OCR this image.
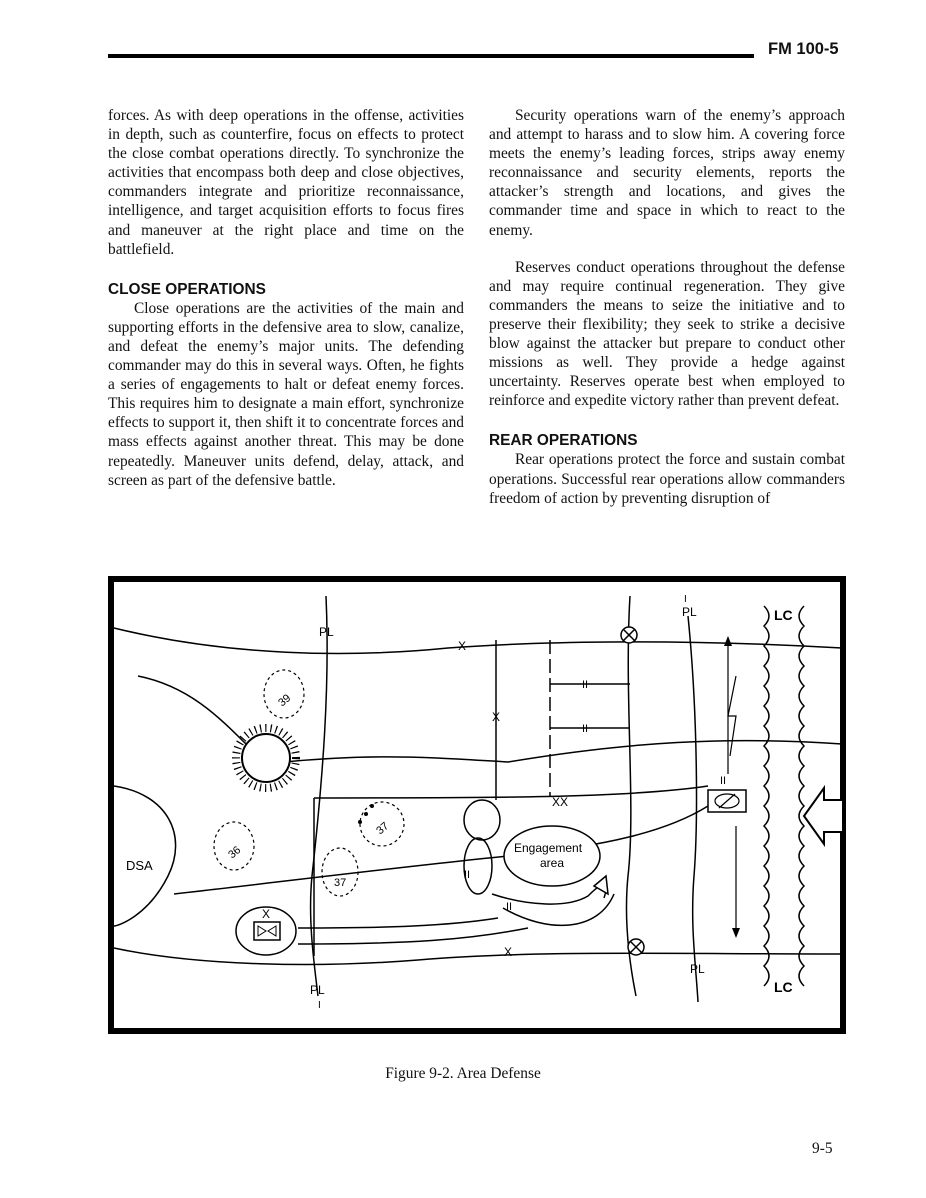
FM 100-5

forces. As with deep operations in the offense, activities in depth, such as counterfire, focus on effects to protect the close combat operations directly. To synchronize the activities that encompass both deep and close objectives, commanders integrate and prioritize reconnaissance, intelligence, and target acquisition efforts to focus fires and maneuver at the right place and time on the battlefield.

CLOSE OPERATIONS

Close operations are the activities of the main and supporting efforts in the defensive area to slow, canalize, and defeat the enemy’s major units. The defending commander may do this in several ways. Often, he fights a series of engagements to halt or defeat enemy forces. This requires him to designate a main effort, synchronize effects to support it, then shift it to concentrate forces and mass effects against another threat. This may be done repeatedly. Maneuver units defend, delay, attack, and screen as part of the defensive battle.

Security operations warn of the enemy’s approach and attempt to harass and to slow him. A covering force meets the enemy’s leading forces, strips away enemy reconnaissance and security elements, reports the attacker’s strength and locations, and gives the commander time and space in which to react to the enemy.

Reserves conduct operations throughout the defense and may require continual regeneration. They give commanders the means to seize the initiative and to preserve their flexibility; they seek to strike a decisive blow against the attacker but prepare to conduct other missions as well. They provide a hedge against uncertainty. Reserves operate best when employed to reinforce and expedite victory rather than prevent defeat.

REAR OPERATIONS

Rear operations protect the force and sustain combat operations. Successful rear operations allow commanders freedom of action by preventing disruption of

PL
PL
PL
PL
I
I
LC
LC
DSA
Engagement
area
X
X
X
X
XX
II
II
II
II
II
39
37
36
37
Figure 9-2. Area Defense
9-5
